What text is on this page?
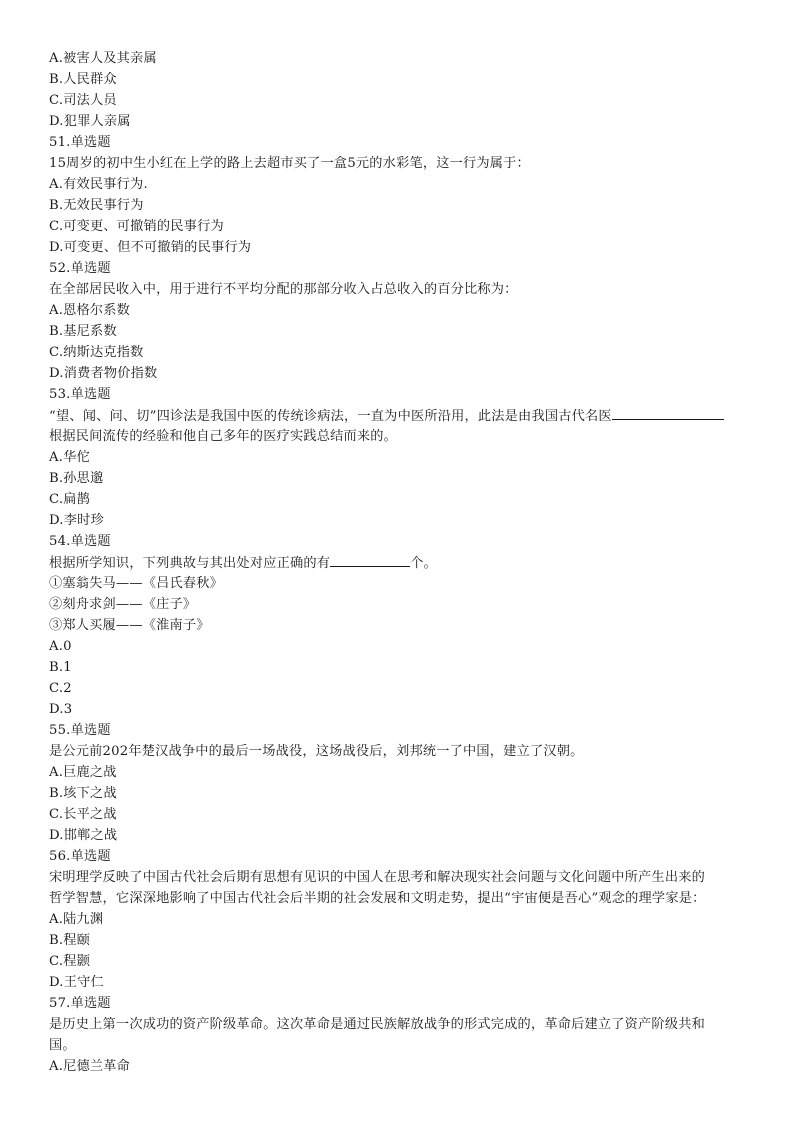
A.被害人及其亲属
B.人民群众
C.司法人员
D.犯罪人亲属
51.单选题
15周岁的初中生小红在上学的路上去超市买了一盒5元的水彩笔，这一行为属于：
A.有效民事行为.
B.无效民事行为
C.可变更、可撤销的民事行为
D.可变更、但不可撤销的民事行为
52.单选题
在全部居民收入中，用于进行不平均分配的那部分收入占总收入的百分比称为：
A.恩格尔系数
B.基尼系数
C.纳斯达克指数
D.消费者物价指数
53.单选题
“望、闻、问、切”四诊法是我国中医的传统诊病法，一直为中医所沿用，此法是由我国古代名医
根据民间流传的经验和他自己多年的医疗实践总结而来的。
A.华佗
B.孙思邈
C.扁鹊
D.李时珍
54.单选题
根据所学知识，下列典故与其出处对应正确的有	个。
①塞翁失马——《吕氏春秋》
②刻舟求剑——《庄子》
③郑人买履——《淮南子》
A.0
B.1
C.2
D.3
55.单选题
是公元前202年楚汉战争中的最后一场战役，这场战役后，刘邦统一了中国，建立了汉朝。
A.巨鹿之战
B.垓下之战
C.长平之战
D.邯郸之战
56.单选题
宋明理学反映了中国古代社会后期有思想有见识的中国人在思考和解决现实社会问题与文化问题中所产生出来的
哲学智慧，它深深地影响了中国古代社会后半期的社会发展和文明走势，提出“宇宙便是吾心”观念的理学家是：
A.陆九渊
B.程颐
C.程颢
D.王守仁
57.单选题
是历史上第一次成功的资产阶级革命。这次革命是通过民族解放战争的形式完成的，革命后建立了资产阶级共和
国。
A.尼德兰革命
